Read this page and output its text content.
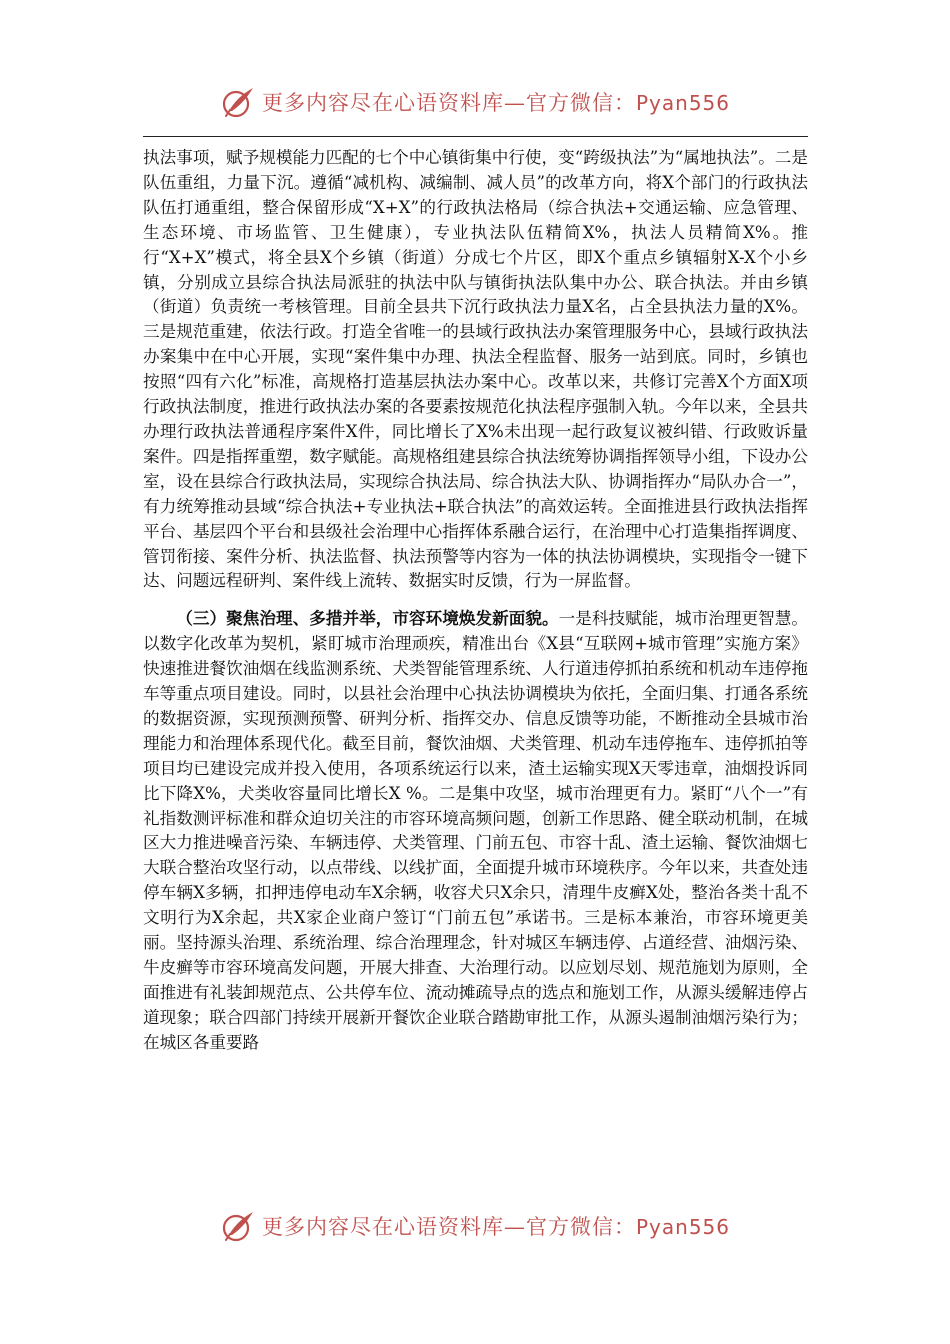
更多内容尽在心语资料库—官方微信：Pyan556

执法事项，赋予规模能力匹配的七个中心镇街集中行使，变“跨级执法”为“属地执法”。二是队伍重组，力量下沉。遵循“减机构、减编制、减人员”的改革方向，将X个部门的行政执法队伍打通重组，整合保留形成“X+X”的行政执法格局（综合执法+交通运输、应急管理、生态环境、市场监管、卫生健康），专业执法队伍精简X%，执法人员精简X%。推行“X+X”模式，将全县X个乡镇（街道）分成七个片区，即X个重点乡镇辐射X-X个小乡镇，分别成立县综合执法局派驻的执法中队与镇街执法队集中办公、联合执法。并由乡镇（街道）负责统一考核管理。目前全县共下沉行政执法力量X名，占全县执法力量的X%。三是规范重建，依法行政。打造全省唯一的县域行政执法办案管理服务中心，县域行政执法办案集中在中心开展，实现“案件集中办理、执法全程监督、服务一站到底。同时，乡镇也按照“四有六化”标准，高规格打造基层执法办案中心。改革以来，共修订完善X个方面X项行政执法制度，推进行政执法办案的各要素按规范化执法程序强制入轨。今年以来，全县共办理行政执法普通程序案件X件，同比增长了X%未出现一起行政复议被纠错、行政败诉量案件。四是指挥重塑，数字赋能。高规格组建县综合执法统筹协调指挥领导小组，下设办公室，设在县综合行政执法局，实现综合执法局、综合执法大队、协调指挥办“局队办合一”，有力统筹推动县域“综合执法+专业执法+联合执法”的高效运转。全面推进县行政执法指挥平台、基层四个平台和县级社会治理中心指挥体系融合运行，在治理中心打造集指挥调度、管罚衔接、案件分析、执法监督、执法预警等内容为一体的执法协调模块，实现指令一键下达、问题远程研判、案件线上流转、数据实时反馈，行为一屏监督。

（三）聚焦治理、多措并举，市容环境焕发新面貌。一是科技赋能，城市治理更智慧。以数字化改革为契机，紧盯城市治理顽疾，精准出台《X县“互联网+城市管理”实施方案》快速推进餐饮油烟在线监测系统、犬类智能管理系统、人行道违停抓拍系统和机动车违停拖车等重点项目建设。同时，以县社会治理中心执法协调模块为依托，全面归集、打通各系统的数据资源，实现预测预警、研判分析、指挥交办、信息反馈等功能，不断推动全县城市治理能力和治理体系现代化。截至目前，餐饮油烟、犬类管理、机动车违停拖车、违停抓拍等项目均已建设完成并投入使用，各项系统运行以来，渣土运输实现X天零违章，油烟投诉同比下降X%，犬类收容量同比增长X %。二是集中攻坚，城市治理更有力。紧盯“八个一”有礼指数测评标准和群众迫切关注的市容环境高频问题，创新工作思路、健全联动机制，在城区大力推进噪音污染、车辆违停、犬类管理、门前五包、市容十乱、渣土运输、餐饮油烟七大联合整治攻坚行动，以点带线、以线扩面，全面提升城市环境秩序。今年以来，共查处违停车辆X多辆，扣押违停电动车X余辆，收容犬只X余只，清理牛皮癣X处，整治各类十乱不文明行为X余起，共X家企业商户签订“门前五包”承诺书。三是标本兼治，市容环境更美丽。坚持源头治理、系统治理、综合治理理念，针对城区车辆违停、占道经营、油烟污染、牛皮癣等市容环境高发问题，开展大排查、大治理行动。以应划尽划、规范施划为原则，全面推进有礼装卸规范点、公共停车位、流动摊疏导点的选点和施划工作，从源头缓解违停占道现象；联合四部门持续开展新开餐饮企业联合踏勘审批工作，从源头遏制油烟污染行为；在城区各重要路

更多内容尽在心语资料库—官方微信：Pyan556
